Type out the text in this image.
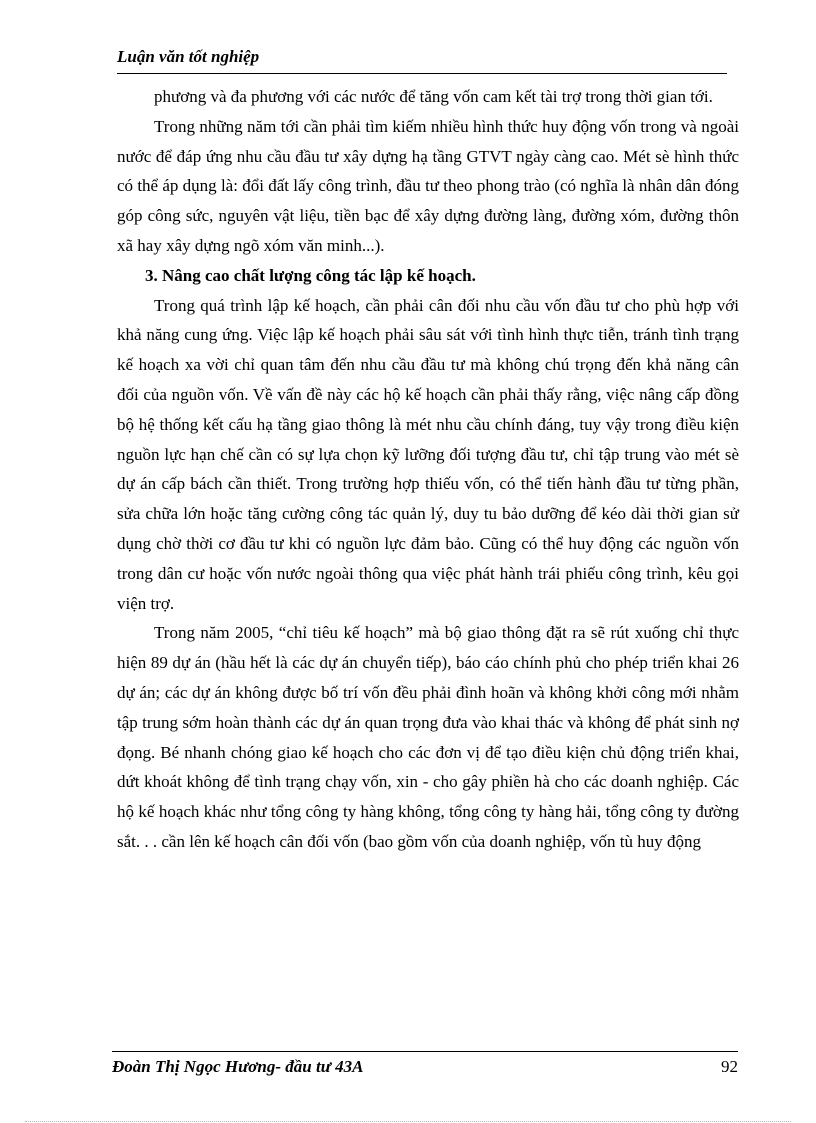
Luận văn tốt nghiệp

phương và đa phương với các nước để tăng vốn cam kết tài trợ trong thời gian tới.

Trong những năm tới cần phải tìm kiếm nhiều hình thức huy động vốn trong và ngoài nước để đáp ứng nhu cầu đầu tư xây dựng hạ tầng GTVT ngày càng cao. Mét sè hình thức có thể áp dụng là: đổi đất lấy công trình, đầu tư theo phong trào (có nghĩa là nhân dân đóng góp công sức, nguyên vật liệu, tiền bạc để xây dựng đường làng, đường xóm, đường thôn xã hay xây dựng ngõ xóm văn minh...).

3. Nâng cao chất lượng công tác lập kế hoạch.

Trong quá trình lập kế hoạch, cần phải cân đối nhu cầu vốn đầu tư cho phù hợp với khả năng cung ứng. Việc lập kế hoạch phải sâu sát với tình hình thực tiễn, tránh tình trạng kế hoạch xa vời chỉ quan tâm đến nhu cầu đầu tư mà không chú trọng đến khả năng cân đối của nguồn vốn. Về vấn đề này các hộ kế hoạch cần phải thấy rằng, việc nâng cấp đồng bộ hệ thống kết cấu hạ tầng giao thông là mét nhu cầu chính đáng, tuy vậy trong điều kiện nguồn lực hạn chế cần có sự lựa chọn kỹ lưỡng đối tượng đầu tư, chỉ tập trung vào mét sè dự án cấp bách cần thiết. Trong trường hợp thiếu vốn, có thể tiến hành đầu tư từng phần, sửa chữa lớn hoặc tăng cường công tác quản lý, duy tu bảo dưỡng để kéo dài thời gian sử dụng chờ thời cơ đầu tư khi có nguồn lực đảm bảo. Cũng có thể huy động các nguồn vốn trong dân cư hoặc vốn nước ngoài thông qua việc phát hành trái phiếu công trình, kêu gọi viện trợ.

Trong năm 2005, “chỉ tiêu kế hoạch” mà bộ giao thông đặt ra sẽ rút xuống chỉ thực hiện 89 dự án (hầu hết là các dự án chuyển tiếp), báo cáo chính phủ cho phép triển khai 26 dự án; các dự án không được bố trí vốn đều phải đình hoãn và không khởi công mới nhằm tập trung sớm hoàn thành các dự án quan trọng đưa vào khai thác và không để phát sinh nợ đọng. Bé nhanh chóng giao kế hoạch cho các đơn vị để tạo điều kiện chủ động triển khai, dứt khoát không để tình trạng chạy vốn, xin - cho gây phiền hà cho các doanh nghiệp. Các hộ kế hoạch khác như tổng công ty hàng không, tổng công ty hàng hải, tổng công ty đường sắt. . . cần lên kế hoạch cân đối vốn (bao gồm vốn của doanh nghiệp, vốn tù huy động

Đoàn Thị Ngọc Hương- đầu tư 43A	92
